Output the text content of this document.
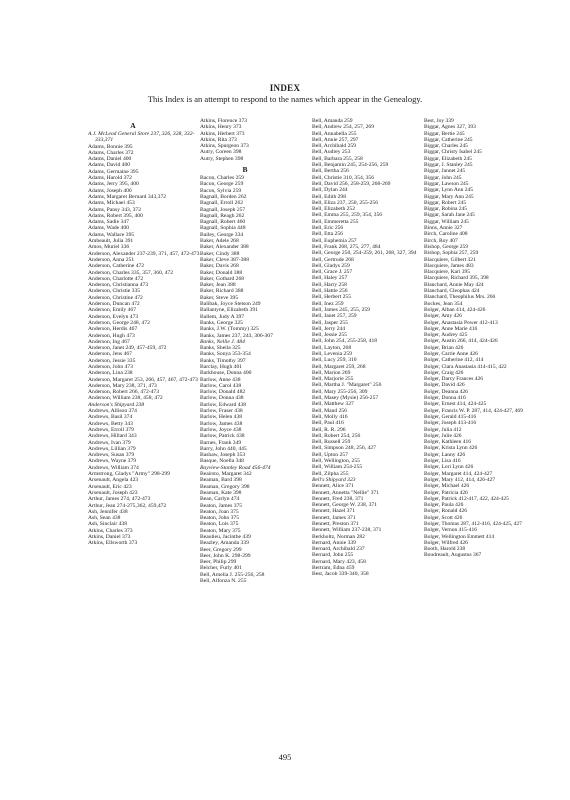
INDEX
This Index is an attempt to respond to the names which appear in the Genealogy.
A
A.J. McLeod General Store 237, 326, 328, 332-333,371
Adams, Bonnie 395
Adams, Charles 372
Adams, Daniel 400
Adams, David 400
Adams, Germaine 395
Adams, Harold 372
Adams, Jerry 395, 400
Adams, Joseph 400
Adams, Margaret Bernard 343,372
Adams, Michael 453
Adams, Pansy 343, 372
Adams, Robert 395, 400
Adams, Sadie 347
Adams, Wade 400
Adams, Wallace 395
Ambeault, Julia 391
Amos, Muriel 336
Anderson, Alexander 237-239, 371, 457, 472-473
Anderson, Anna 251
Anderson, Catherine 472
Anderson, Charles 335, 357, 360, 472
Anderson, Charlotte 472
Anderson, Christianna 473
Anderson, Christie 335
Anderson, Christine 472
Anderson, Duncan 472
Anderson, Emily 467
Anderson, Evelyn 473
Anderson, George 248, 472
Anderson, Herdis 467
Anderson, Hugh 473
Anderson, Ing 467
Anderson, Janet 249, 457-459, 472
Anderson, Jens 467
Anderson, Jessie 335
Anderson, John 473
Anderson, Lina 238
Anderson, Margaret 253, 266, 457, 467, 472-473
Anderson, Mary 238, 371, 473
Anderson, Robert 266, 472-473
Anderson, William 238, 458, 472
Anderson's Shipyard 238
Andrews, Allison 374
Andrews, Basil 374
Andrews, Betty 343
Andrews, Erroll 379
Andrews, Hillard 343
Andrews, Ivan 379
Andrews, Lillian 379
Andrews, Susan 379
Andrews, Wayne 379
Andrews, William 374
Armstrong, Gladys "Army" 298-299
Arsenault, Angela 423
Arsenault, Eric 423
Arsenault, Joseph 423
Arthur, James 274, 472-473
Arthur, Jean 274-275,362, 459,472
Ash, Jennifer 438
Ash, Sean 438
Ash, Sinclair 438
Atkins, Charles 373
Atkins, Daniel 373
Atkins, Ellsworth 373
Atkins, Florence 373
Atkins, Henry 373
Atkins, Herbert 373
Atkins, Rita 373
Atkins, Spurgeon 373
Autry, Coreen 398
Autry, Stephen 398
B
Bacon, Charles 259
Bacon, George 259
Bacon, Sylvia 259
Bagnall, Borden 262
Bagnall, Erroll 262
Bagnall, Joseph 257
Bagnall, Reagh 262
Bagnall, Robert 460
Bagnall, Sophia 448
Bailey, George 334
Baker, Adele 268
Baker, Alexander 388
Baker, Cindy 388
Baker, Cleve 387-388
Baker, Davis 268
Baker, Donald 388
Baker, Gothard 268
Baker, Jean 388
Baker, Richard 388
Baker, Steve 395
Balibak, Joyce Stetson 249
Ballantyne, Elizabeth 391
Ballem, Judy A 397
Banks, George 325
Banks, J.W. (Tommy) 325
Banks, James 237, 243, 306-307
Banks, Nellie J. 484
Banks, Sheila 325
Banks, Sonya 353-354
Banks, Timothy 397
Barclay, Hugh 401
Barkhouse, Donna 400
Barlow, Anne 438
Barlow, Carol 438
Barlow, Donald 482
Barlow, Donna 438
Barlow, Edward 438
Barlow, Fraser 438
Barlow, Helen 438
Barlow, James 438
Barlow, Joyce 438
Barlow, Patrick 438
Barnes, Frank 349
Barry, John 440, 445
Bashaw, Joseph 353
Basque, Noella 348
Bayview-Stanley Road 456-474
Beairsto, Margaret 342
Beaman, Bard 398
Beaman, Gregory 398
Beaman, Kate 398
Bean, Carlyn 474
Beaton, James 375
Beaton, Joan 375
Beaton, John 375
Beaton, Lois 375
Beaton, Mary 375
Beaulieu, Jacinthe 439
Beazley, Amanda 339
Beer, Gregory 299
Beer, John K. 298-299
Beer, Philip 299
Belcher, Furly 401
Bell, Amelia J. 255-256, 258
Bell, Alfonza N. 255
Bell, Amanda 259
Bell, Andrew 254, 257, 269
Bell, Annabella 255
Bell, Annie 257, 297
Bell, Archibald 259
Bell, Audrey 253
Bell, Barbara 255, 258
Bell, Benjamin 245, 254-256, 259
Bell, Bertha 256
Bell, Christie 310, 354, 356
Bell, David 256, 258-259, 268-269
Bell, Dylan 244
Bell, Edith 298
Bell, Eliza 237, 250, 255-256
Bell, Elizabeth 252
Bell, Emma 255, 259, 354, 356
Bell, Emmeretta 255
Bell, Eric 256
Bell, Etta 256
Bell, Euphemia 257
Bell, Frank 268, 275, 277, 484
Bell, George 250, 254-259, 261, 268, 327, 394
Bell, Gertrude 268
Bell, Gladys 259
Bell, Grace J. 257
Bell, Haley 257
Bell, Harry 258
Bell, Hattie 256
Bell, Herbert 255
Bell, Inez 259
Bell, James 245, 255, 259
Bell, Janet 257, 259
Bell, Jasper 255
Bell, Jerry 244
Bell, Jessie 255
Bell, John 254, 255-258, 418
Bell, Layton, 268
Bell, Levenia 259
Bell, Lucy 259, 310
Bell, Margaret 259, 268
Bell, Marion 269
Bell, Marjorie 255
Bell, Martha J. "Margaret" 256
Bell, Mary 255-256, 309
Bell, Masey (Mysie) 256-257
Bell, Matthew 327
Bell, Maud 256
Bell, Molly 416
Bell, Paul 416
Bell, R. R. 296
Bell, Robert 254, 256
Bell, Russell 259
Bell, Simpson 248, 256, 427
Bell, Upton 257
Bell, Wellington, 255
Bell, William 254-255
Bell, Zilpha 255
Bell's Shipyard 323
Bennett, Alice 371
Bennett, Annetta "Nellie" 371
Bennett, Fred 238, 371
Bennett, George W. 238, 371
Bennett, Hazel 371
Bennett, James 371
Bennett, Preston 371
Bennett, William 237-238, 371
Berkholtz, Norman 282
Bernard, Annie 339
Bernard, Archibald 237
Bernard, John 255
Bernard, Mary 423, 458
Bertram, Edna 459
Best, Jacob 339-340, 358
Best, Joy 339
Biggar, Agnes 327, 393
Biggar, Bertie 245
Biggar, Catherine 245
Biggar, Charles 245
Biggar, Christy Isabel 245
Biggar, Elizabeth 245
Biggar, J. Stanley 245
Biggar, Jannet 245
Biggar, John 245
Biggar, Lawson 245
Biggar, Lynn Ann 245
Biggar, Mary Ann 245
Biggar, Robert 245
Biggar, Robina 245
Biggar, Sarah Jane 245
Biggar, William 245
Binns, Annie 327
Birch, Caroline 408
Birch, Roy 407
Bishop, George 259
Bishop, Sophia 257, 259
Blacquiere, Gilbert 321
Blacquiere, James 483
Blacquiere, Kari 395
Blacquiere, Richard 395, 398
Blanchard, Annie May 424
Blanchard, Cleophas 424
Blanchard, Theophilus Mrs. 266
Bockes, Jean 354
Bolger, Alban 414, 424-426
Bolger, Amy 426
Bolger, Anastasia Power 412-413
Bolger, Anne Marie 416
Bolger, Audrey 425
Bolger, Austin 266, 414, 424-426
Bolger, Brian 426
Bolger, Carrie Anne 426
Bolger, Catherine 412, 414
Bolger, Clara Anastasia 414-415, 422
Bolger, Craig 426
Bolger, Darcy Frances 426
Bolger, David 426
Bolger, Deanna 426
Bolger, Donna 416
Bolger, Ernest 414, 424-425
Bolger, Francis W. P. 287, 414, 424-427, 469
Bolger, Gerald 415-416
Bolger, Joseph 413-416
Bolger, Julia 412
Bolger, Julie 426
Bolger, Kathleen 416
Bolger, Krista Lynn 426
Bolger, Lanny 426
Bolger, Lisa 416
Bolger, Lori Lynn 426
Bolger, Margaret 414, 424-427
Bolger, Mary 412, 414, 426-427
Bolger, Michael 426
Bolger, Patricia 426
Bolger, Patrick 412-417, 422, 424-425
Bolger, Paula 426
Bolger, Ronald 426
Bolger, Scott 426
Bolger, Thomas 287, 412-416, 424-425, 427
Bolger, Vernon 415-416
Bolger, Wellington Emmett 414
Bolger, Wilfred 426
Booth, Harold 238
Boudreault, Augustus 367
495
